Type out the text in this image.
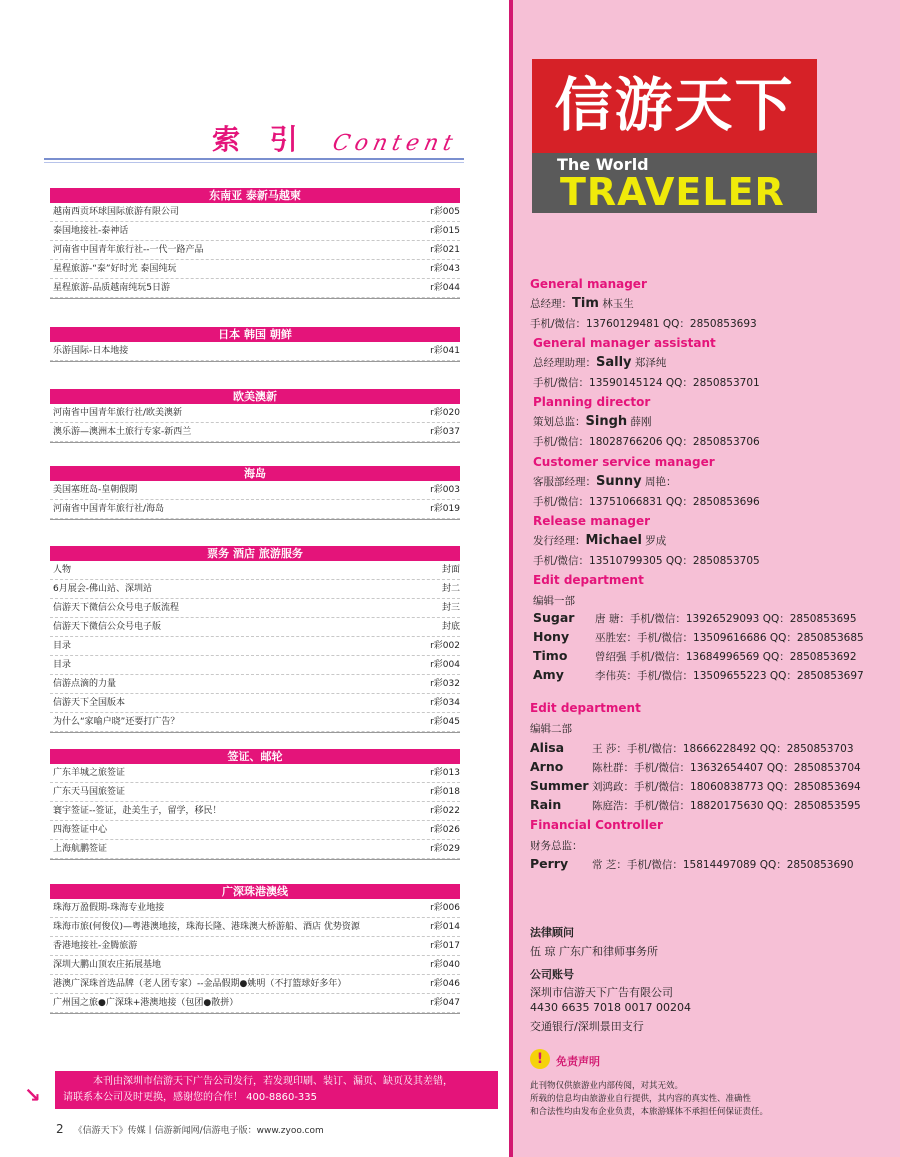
索 引 Content
东南亚 泰新马越柬
越南西贡环球国际旅游有限公司	r彩005
泰国地接社-泰神话	r彩015
河南省中国青年旅行社--一代一路产品	r彩021
星程旅游-“泰”好时光 泰国纯玩	r彩043
星程旅游-品质越南纯玩5日游	r彩044
日本 韩国 朝鲜
乐游国际-日本地接	r彩041
欧美澳新
河南省中国青年旅行社/欧美澳新	r彩020
澳乐游—澳洲本土旅行专家-新西兰	r彩037
海岛
美国塞班岛-皇朝假期	r彩003
河南省中国青年旅行社/海岛	r彩019
票务 酒店 旅游服务
人物	封面
6月展会-佛山站、深圳站	封二
信游天下微信公众号电子版流程	封三
信游天下微信公众号电子版	封底
目录	r彩002
目录	r彩004
信游点滴的力量	r彩032
信游天下全国版本	r彩034
为什么“家喻户晓”还要打广告？	r彩045
签证、邮轮
广东羊城之旅签证	r彩013
广东天马国旅签证	r彩018
寰宇签证--签证，赴美生子，留学，移民！	r彩022
四海签证中心	r彩026
上海航鹏签证	r彩029
广深珠港澳线
珠海万盈假期-珠海专业地接	r彩006
珠海市旅(何俊仪)—粤港澳地接，珠海长隆、港珠澳大桥游船、酒店 优势资源	r彩014
香港地接社-金腾旅游	r彩017
深圳大鹏山顶农庄拓展基地	r彩040
港澳广深珠首选品牌（老人团专家）--金品假期●姚明（不打篮球好多年）	r彩046
广州国之旅●广深珠+港澳地接（包团●散拼）	r彩047
↘
本刊由深圳市信游天下广告公司发行，若发现印刷、装订、漏页、缺页及其差错，
请联系本公司及时更换，感谢您的合作！ 400-8860-335
2 《信游天下》传媒丨信游新闻网/信游电子版：www.zyoo.com
信游天下
The World
TRAVELER
General manager
总经理：Tim 林玉生
手机/微信：13760129481 QQ：2850853693
General manager assistant
总经理助理：Sally 郑泽纯
手机/微信：13590145124 QQ：2850853701
Planning director
策划总监：Singh 薛刚
手机/微信：18028766206 QQ：2850853706
Customer service manager
客服部经理：Sunny 周艳：
手机/微信：13751066831 QQ：2850853696
Release manager
发行经理：Michael 罗成
手机/微信：13510799305 QQ：2850853705
Edit department
编辑一部
Sugar 唐 瑭：手机/微信：13926529093 QQ：2850853695
Hony 巫胜宏：手机/微信：13509616686 QQ：2850853685
Timo	曾绍强 手机/微信：13684996569 QQ：2850853692
Amy	李伟英：手机/微信：13509655223 QQ：2850853697
Edit department
编辑二部
Alisa	王 莎：手机/微信：18666228492 QQ：2850853703
Arno	陈杜群：手机/微信：13632654407 QQ：2850853704
Summer 刘鸿政：手机/微信：18060838773 QQ：2850853694
Rain	陈庭浩：手机/微信：18820175630 QQ：2850853595
Financial Controller
财务总监：
Perry 常 芝：手机/微信：15814497089 QQ：2850853690
法律顾问
伍 琼 广东广和律师事务所
公司账号
深圳市信游天下广告有限公司
4430 6635 7018 0017 00204
交通银行/深圳景田支行
!	免责声明
此刊物仅供旅游业内部传阅，对其无效。
所载的信息均由旅游业自行提供，其内容的真实性、准确性
和合法性均由发布企业负责，本旅游媒体不承担任何保证责任。
